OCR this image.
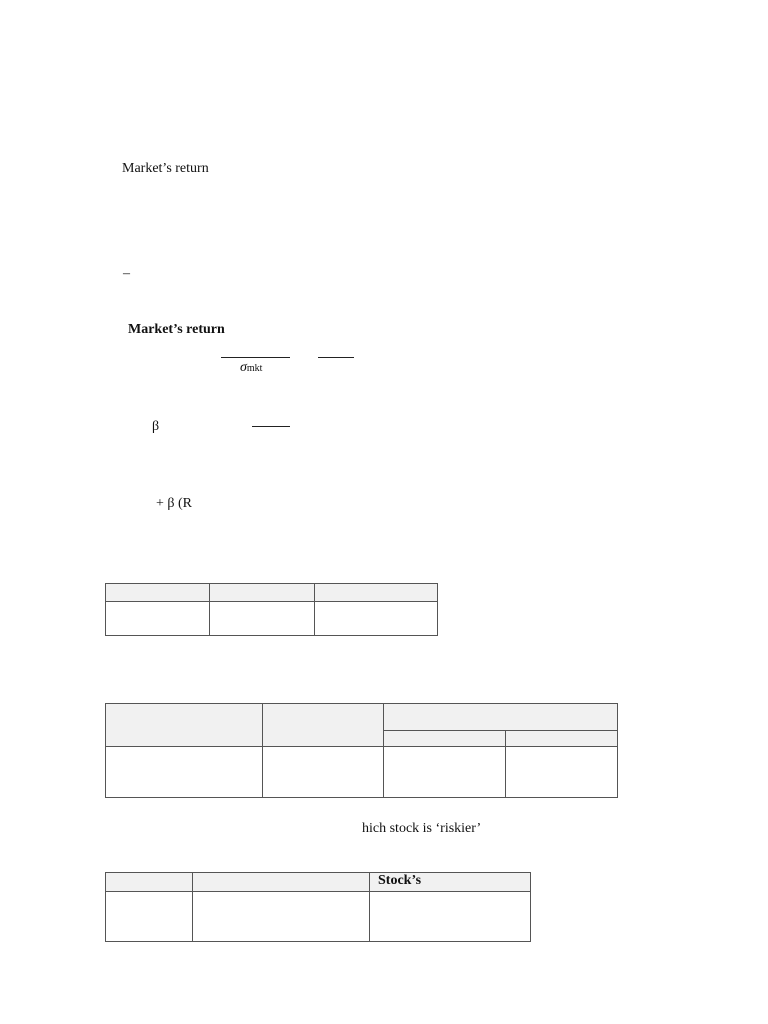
Market’s return
–
Market’s return
σmkt
β
+ β (R

hich stock is ‘riskier’
		Stock’s
